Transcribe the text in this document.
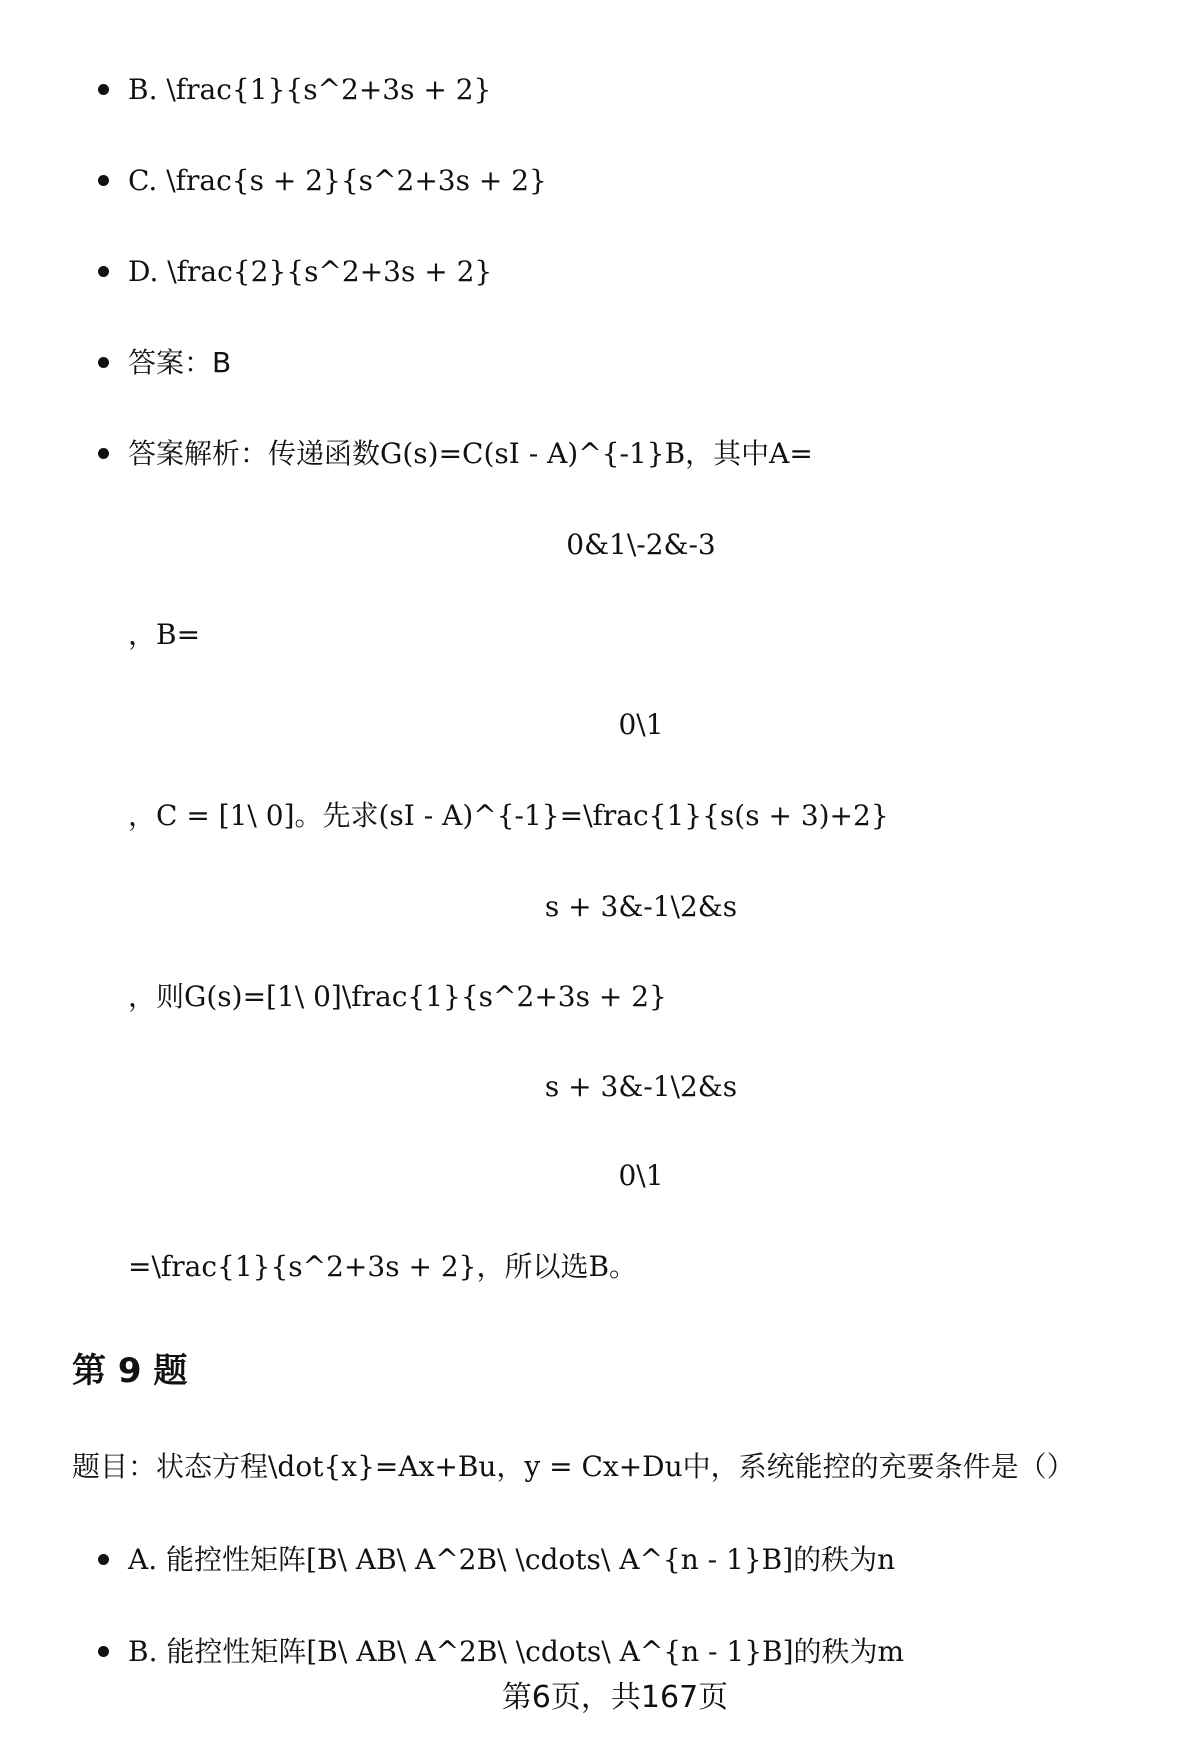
B. \frac{1}{s^2+3s + 2}
C. \frac{s + 2}{s^2+3s + 2}
D. \frac{2}{s^2+3s + 2}
答案：B
答案解析：传递函数G(s)=C(sI - A)^{-1}B，其中A=
0&1\-2&-3
，B=
0\1
，C = [1\ 0]。先求(sI - A)^{-1}=\frac{1}{s(s + 3)+2}
s + 3&-1\2&s
，则G(s)=[1\ 0]\frac{1}{s^2+3s + 2}
s + 3&-1\2&s
0\1
=\frac{1}{s^2+3s + 2}，所以选B。
第 9 题
题目：状态方程\dot{x}=Ax+Bu，y = Cx+Du中，系统能控的充要条件是（）
A. 能控性矩阵[B\ AB\ A^2B\ \cdots\ A^{n - 1}B]的秩为n
B. 能控性矩阵[B\ AB\ A^2B\ \cdots\ A^{n - 1}B]的秩为m
第6页，共167页
